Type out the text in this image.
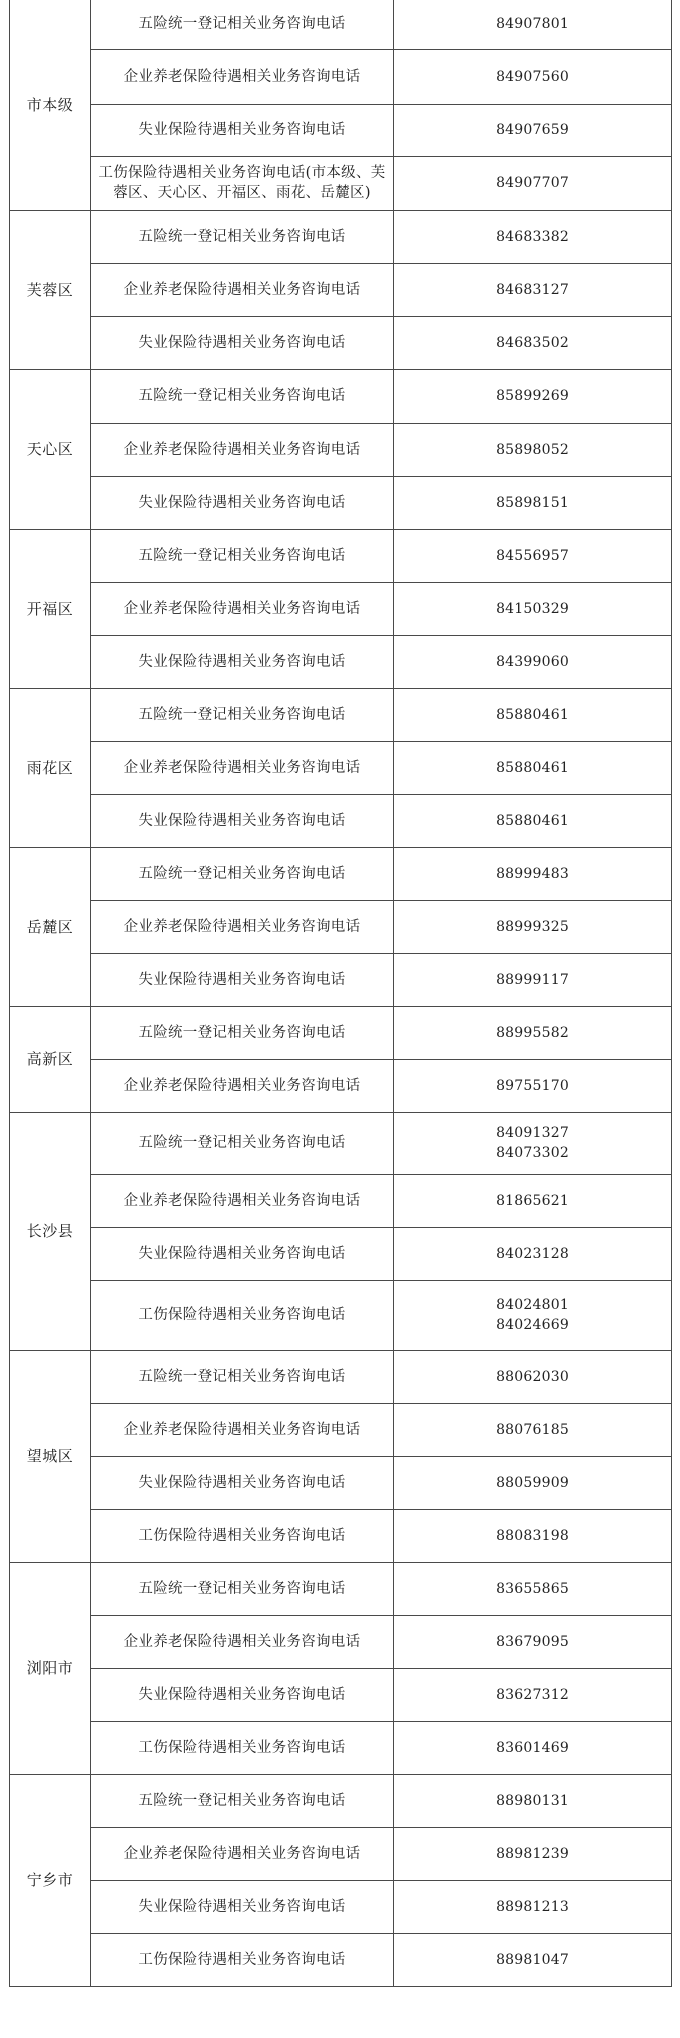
市本级	五险统一登记相关业务咨询电话	84907801

	企业养老保险待遇相关业务咨询电话	84907560

	失业保险待遇相关业务咨询电话	84907659

	工伤保险待遇相关业务咨询电话(市本级、芙蓉区、天心区、开福区、雨花、岳麓区)	84907707

芙蓉区	五险统一登记相关业务咨询电话	84683382

	企业养老保险待遇相关业务咨询电话	84683127

	失业保险待遇相关业务咨询电话	84683502

天心区	五险统一登记相关业务咨询电话	85899269

	企业养老保险待遇相关业务咨询电话	85898052

	失业保险待遇相关业务咨询电话	85898151

开福区	五险统一登记相关业务咨询电话	84556957

	企业养老保险待遇相关业务咨询电话	84150329

	失业保险待遇相关业务咨询电话	84399060

雨花区	五险统一登记相关业务咨询电话	85880461

	企业养老保险待遇相关业务咨询电话	85880461

	失业保险待遇相关业务咨询电话	85880461

岳麓区	五险统一登记相关业务咨询电话	88999483

	企业养老保险待遇相关业务咨询电话	88999325

	失业保险待遇相关业务咨询电话	88999117

高新区	五险统一登记相关业务咨询电话	88995582

	企业养老保险待遇相关业务咨询电话	89755170

长沙县	五险统一登记相关业务咨询电话	84091327
84073302

	企业养老保险待遇相关业务咨询电话	81865621

	失业保险待遇相关业务咨询电话	84023128

	工伤保险待遇相关业务咨询电话	84024801
84024669

望城区	五险统一登记相关业务咨询电话	88062030

	企业养老保险待遇相关业务咨询电话	88076185

	失业保险待遇相关业务咨询电话	88059909

	工伤保险待遇相关业务咨询电话	88083198

浏阳市	五险统一登记相关业务咨询电话	83655865

	企业养老保险待遇相关业务咨询电话	83679095

	失业保险待遇相关业务咨询电话	83627312

	工伤保险待遇相关业务咨询电话	83601469

宁乡市	五险统一登记相关业务咨询电话	88980131

	企业养老保险待遇相关业务咨询电话	88981239

	失业保险待遇相关业务咨询电话	88981213

	工伤保险待遇相关业务咨询电话	88981047
